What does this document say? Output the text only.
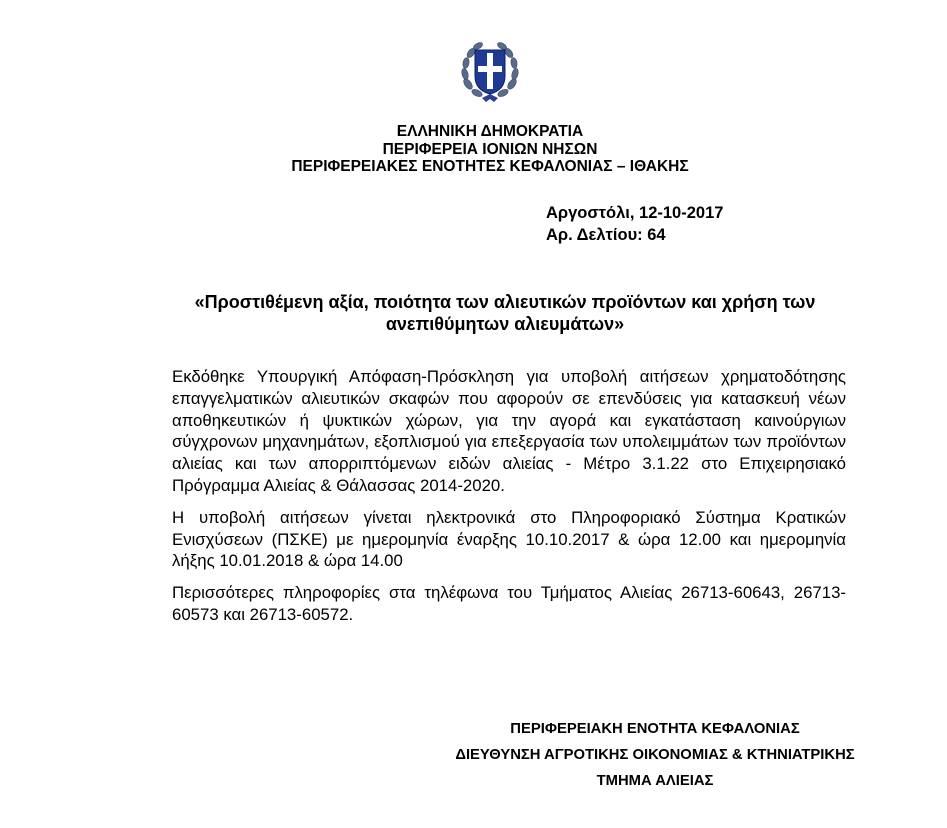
ΕΛΛΗΝΙΚΗ ΔΗΜΟΚΡΑΤΙΑ
ΠΕΡΙΦΕΡΕΙΑ ΙΟΝΙΩΝ ΝΗΣΩΝ
ΠΕΡΙΦΕΡΕΙΑΚΕΣ ΕΝΟΤΗΤΕΣ ΚΕΦΑΛΟΝΙΑΣ – ΙΘΑΚΗΣ
Αργοστόλι, 12-10-2017
Αρ. Δελτίου: 64
«Προστιθέμενη αξία, ποιότητα των αλιευτικών προϊόντων και χρήση των ανεπιθύμητων αλιευμάτων»

Εκδόθηκε Υπουργική Απόφαση-Πρόσκληση για υποβολή αιτήσεων χρηματοδότησης επαγγελματικών αλιευτικών σκαφών που αφορούν σε επενδύσεις για κατασκευή νέων αποθηκευτικών ή ψυκτικών χώρων, για την αγορά και εγκατάσταση καινούργιων σύγχρονων μηχανημάτων, εξοπλισμού για επεξεργασία των υπολειμμάτων των προϊόντων αλιείας και των απορριπτόμενων ειδών αλιείας - Μέτρο 3.1.22 στο Επιχειρησιακό Πρόγραμμα Αλιείας & Θάλασσας 2014-2020.

Η υποβολή αιτήσεων γίνεται ηλεκτρονικά στο Πληροφοριακό Σύστημα Κρατικών Ενισχύσεων (ΠΣΚΕ) με ημερομηνία έναρξης 10.10.2017 & ώρα 12.00 και ημερομηνία λήξης 10.01.2018 & ώρα 14.00

Περισσότερες πληροφορίες στα τηλέφωνα του Τμήματος Αλιείας 26713-60643, 26713-60573 και 26713-60572.

ΠΕΡΙΦΕΡΕΙΑΚΗ ΕΝΟΤΗΤΑ ΚΕΦΑΛΟΝΙΑΣ
ΔΙΕΥΘΥΝΣΗ ΑΓΡΟΤΙΚΗΣ ΟΙΚΟΝΟΜΙΑΣ & ΚΤΗΝΙΑΤΡΙΚΗΣ
ΤΜΗΜΑ ΑΛΙΕΙΑΣ
